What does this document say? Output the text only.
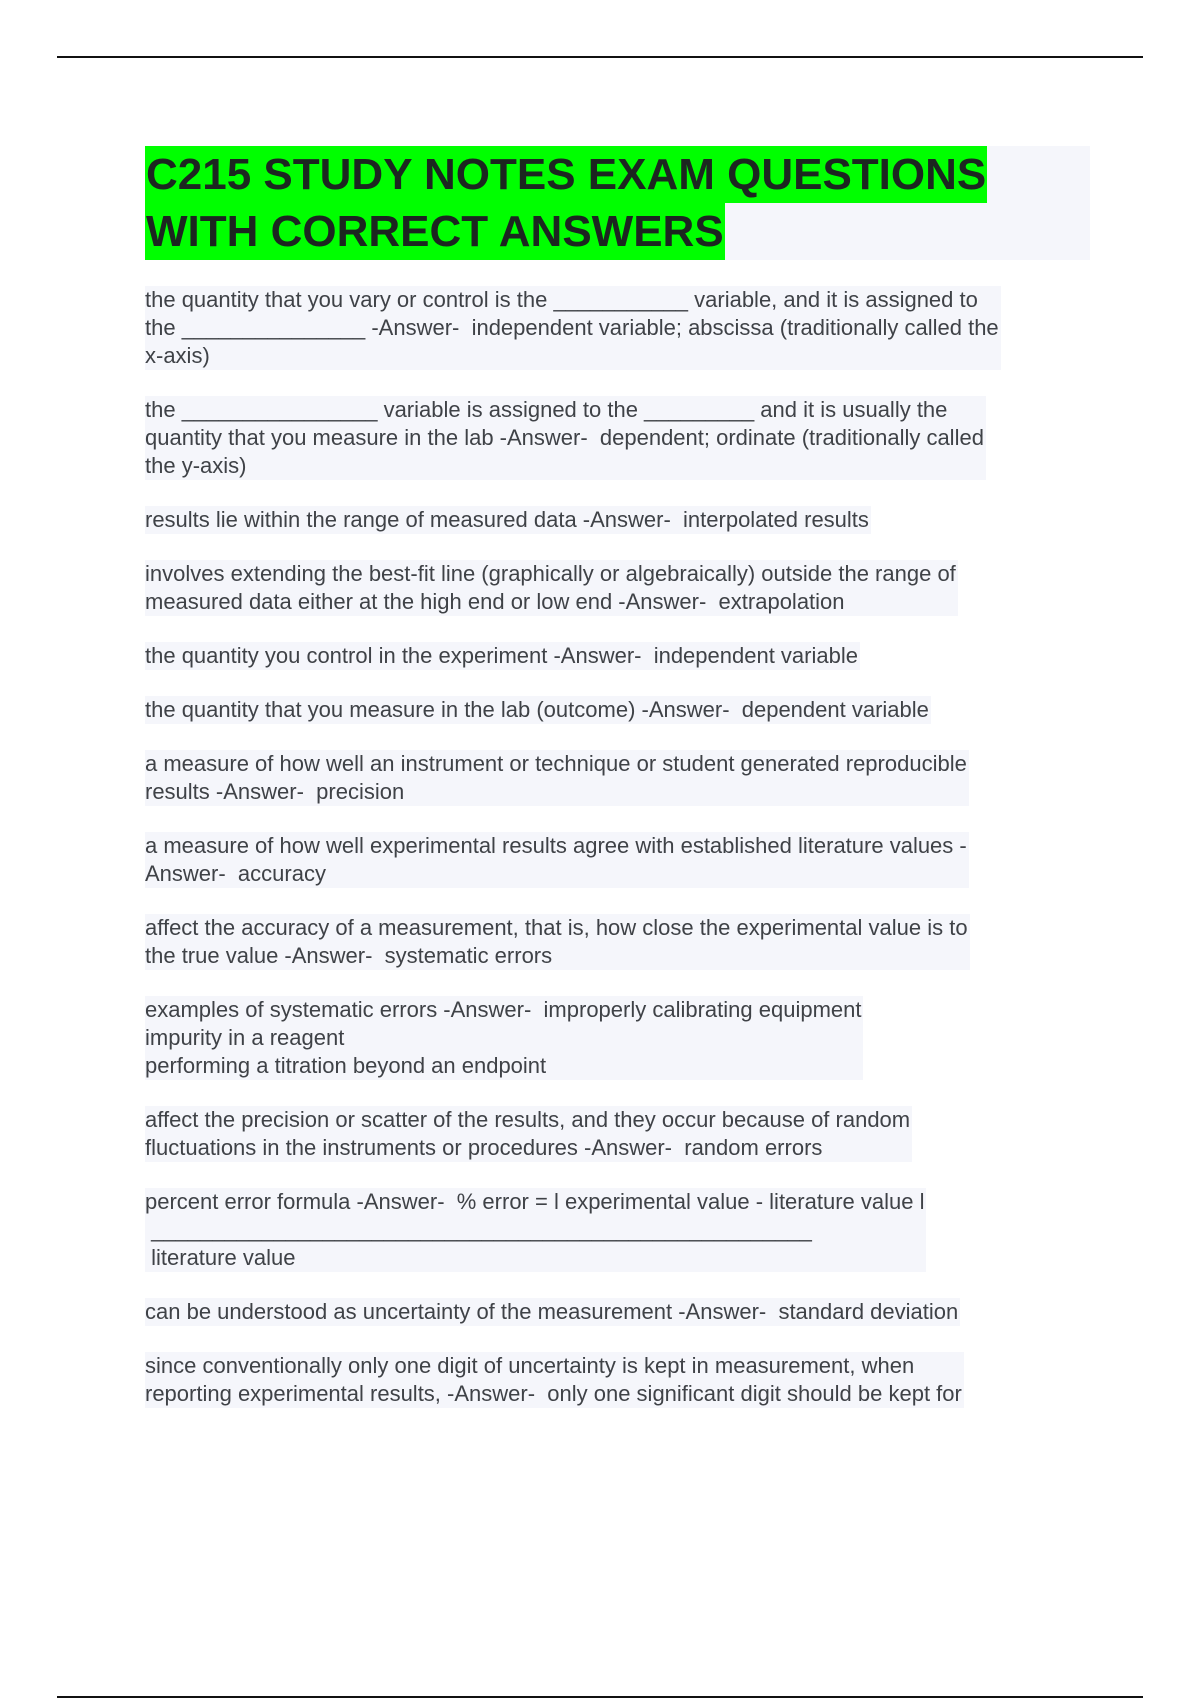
C215 STUDY NOTES EXAM QUESTIONS
WITH CORRECT ANSWERS
the quantity that you vary or control is the ___________ variable, and it is assigned to
the _______________ -Answer-  independent variable; abscissa (traditionally called the
x-axis)
the ________________ variable is assigned to the _________ and it is usually the
quantity that you measure in the lab -Answer-  dependent; ordinate (traditionally called
the y-axis)
results lie within the range of measured data -Answer-  interpolated results
involves extending the best-fit line (graphically or algebraically) outside the range of
measured data either at the high end or low end -Answer-  extrapolation
the quantity you control in the experiment -Answer-  independent variable
the quantity that you measure in the lab (outcome) -Answer-  dependent variable
a measure of how well an instrument or technique or student generated reproducible
results -Answer-  precision
a measure of how well experimental results agree with established literature values -
Answer-  accuracy
affect the accuracy of a measurement, that is, how close the experimental value is to
the true value -Answer-  systematic errors
examples of systematic errors -Answer-  improperly calibrating equipment
impurity in a reagent
performing a titration beyond an endpoint
affect the precision or scatter of the results, and they occur because of random
fluctuations in the instruments or procedures -Answer-  random errors
percent error formula -Answer-  % error = l experimental value - literature value l
______________________________________________________
literature value
can be understood as uncertainty of the measurement -Answer-  standard deviation
since conventionally only one digit of uncertainty is kept in measurement, when
reporting experimental results, -Answer-  only one significant digit should be kept for
